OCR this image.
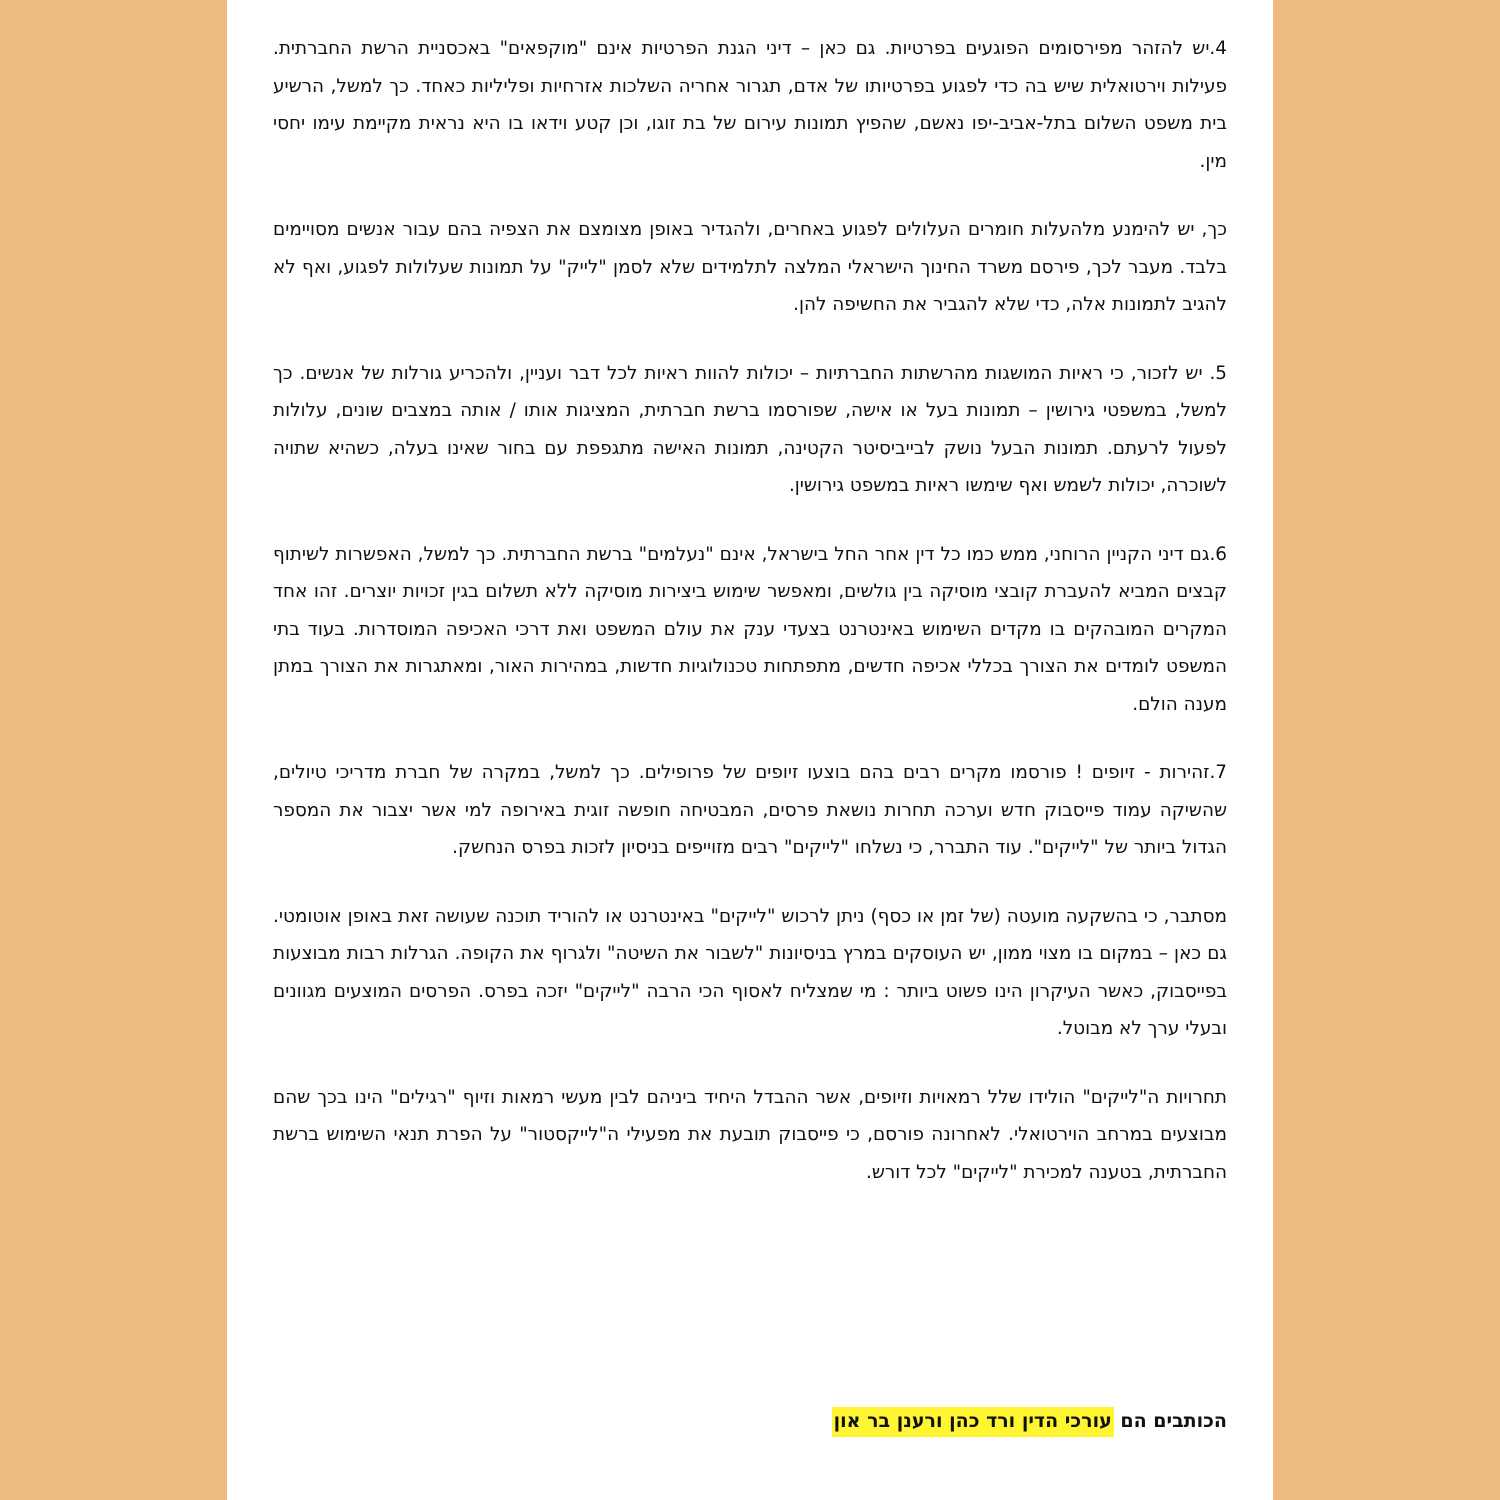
4.יש להזהר מפירסומים הפוגעים בפרטיות. גם כאן – דיני הגנת הפרטיות אינם "מוקפאים" באכסניית הרשת החברתית. פעילות וירטואלית שיש בה כדי לפגוע בפרטיותו של אדם, תגרור אחריה השלכות אזרחיות ופליליות כאחד. כך למשל, הרשיע בית משפט השלום בתל-אביב-יפו נאשם, שהפיץ תמונות עירום של בת זוגו, וכן קטע וידאו בו היא נראית מקיימת עימו יחסי מין.

כך, יש להימנע מלהעלות חומרים העלולים לפגוע באחרים, ולהגדיר באופן מצומצם את הצפיה בהם עבור אנשים מסויימים בלבד. מעבר לכך, פירסם משרד החינוך הישראלי המלצה לתלמידים שלא לסמן "לייק" על תמונות שעלולות לפגוע, ואף לא להגיב לתמונות אלה, כדי שלא להגביר את החשיפה להן.

5. יש לזכור, כי ראיות המושגות מהרשתות החברתיות – יכולות להוות ראיות לכל דבר ועניין, ולהכריע גורלות של אנשים. כך למשל, במשפטי גירושין – תמונות בעל או אישה, שפורסמו ברשת חברתית, המציגות אותו / אותה במצבים שונים, עלולות לפעול לרעתם. תמונות הבעל נושק לבייביסיטר הקטינה, תמונות האישה מתגפפת עם בחור שאינו בעלה, כשהיא שתויה לשוכרה, יכולות לשמש ואף שימשו ראיות במשפט גירושין.

6.גם דיני הקניין הרוחני, ממש כמו כל דין אחר החל בישראל, אינם "נעלמים" ברשת החברתית. כך למשל, האפשרות לשיתוף קבצים המביא להעברת קובצי מוסיקה בין גולשים, ומאפשר שימוש ביצירות מוסיקה ללא תשלום בגין זכויות יוצרים. זהו אחד המקרים המובהקים בו מקדים השימוש באינטרנט בצעדי ענק את עולם המשפט ואת דרכי האכיפה המוסדרות. בעוד בתי המשפט לומדים את הצורך בכללי אכיפה חדשים, מתפתחות טכנולוגיות חדשות, במהירות האור, ומאתגרות את הצורך במתן מענה הולם.

7.זהירות - זיופים ! פורסמו מקרים רבים בהם בוצעו זיופים של פרופילים. כך למשל, במקרה של חברת מדריכי טיולים, שהשיקה עמוד פייסבוק חדש וערכה תחרות נושאת פרסים, המבטיחה חופשה זוגית באירופה למי אשר יצבור את המספר הגדול ביותר של "לייקים". עוד התברר, כי נשלחו "לייקים" רבים מזוייפים בניסיון לזכות בפרס הנחשק.

מסתבר, כי בהשקעה מועטה (של זמן או כסף) ניתן לרכוש "לייקים" באינטרנט או להוריד תוכנה שעושה זאת באופן אוטומטי. גם כאן – במקום בו מצוי ממון, יש העוסקים במרץ בניסיונות "לשבור את השיטה" ולגרוף את הקופה. הגרלות רבות מבוצעות בפייסבוק, כאשר העיקרון הינו פשוט ביותר : מי שמצליח לאסוף הכי הרבה "לייקים" יזכה בפרס. הפרסים המוצעים מגוונים ובעלי ערך לא מבוטל.

תחרויות ה"לייקים" הולידו שלל רמאויות וזיופים, אשר ההבדל היחיד ביניהם לבין מעשי רמאות וזיוף "רגילים" הינו בכך שהם מבוצעים במרחב הוירטואלי. לאחרונה פורסם, כי פייסבוק תובעת את מפעילי ה"לייקסטור" על הפרת תנאי השימוש ברשת החברתית, בטענה למכירת "לייקים" לכל דורש.

הכותבים הם עורכי הדין ורד כהן ורענן בר און
